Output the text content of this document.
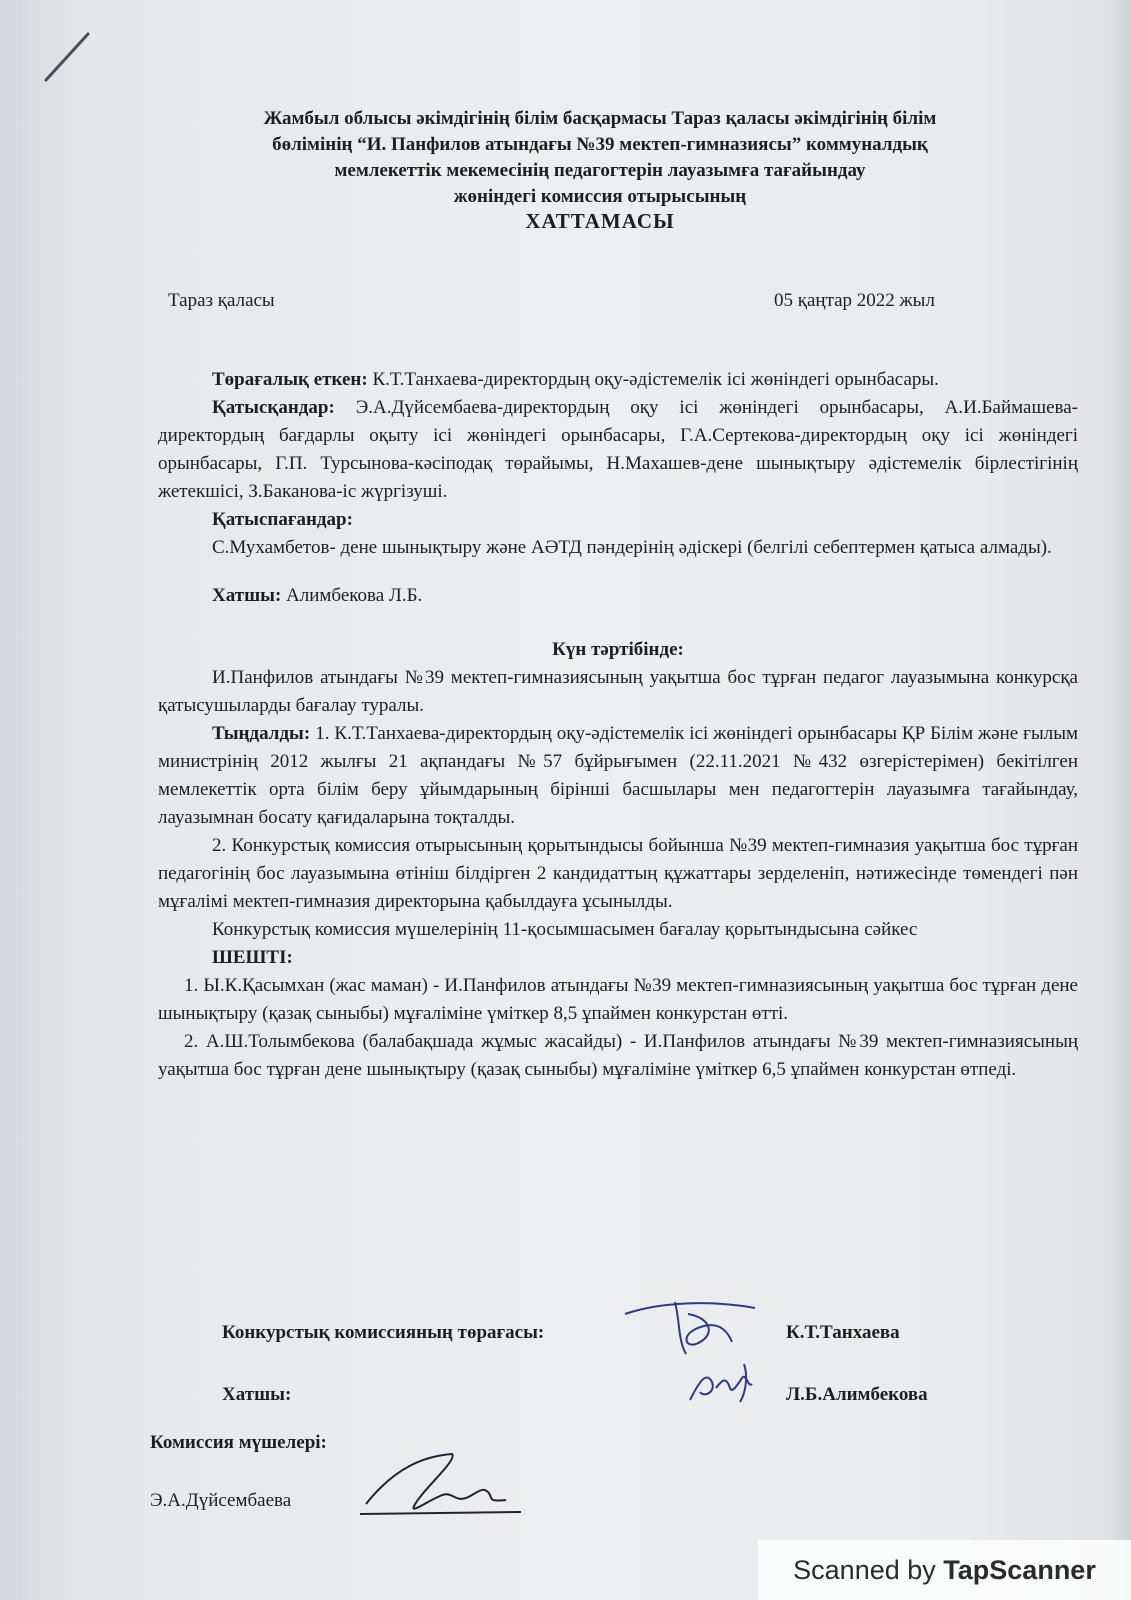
Жамбыл облысы әкімдігінің білім басқармасы Тараз қаласы әкімдігінің білім
бөлімінің “И. Панфилов атындағы №39 мектеп-гимназиясы” коммуналдық
мемлекеттік мекемесінің педагогтерін лауазымға тағайындау
жөніндегі комиссия отырысының
ХАТТАМАСЫ
Тараз қаласы	05 қаңтар 2022 жыл

Төрағалық еткен: К.Т.Танхаева-директордың оқу-әдістемелік ісі жөніндегі орынбасары.

Қатысқандар: Э.А.Дүйсембаева-директордың оқу ісі жөніндегі орынбасары, А.И.Баймашева-директордың бағдарлы оқыту ісі жөніндегі орынбасары, Г.А.Сертекова-директордың оқу ісі жөніндегі орынбасары, Г.П. Турсынова-кәсіподақ төрайымы, Н.Махашев-дене шынықтыру әдістемелік бірлестігінің жетекшісі, З.Баканова-іс жүргізуші.

Қатыспағандар:

С.Мухамбетов- дене шынықтыру және АӘТД пәндерінің әдіскері (белгілі себептермен қатыса алмады).

Хатшы: Алимбекова Л.Б.

Күн тәртібінде:

И.Панфилов атындағы №39 мектеп-гимназиясының уақытша бос тұрған педагог лауазымына конкурсқа қатысушыларды бағалау туралы.

Тыңдалды: 1. К.Т.Танхаева-директордың оқу-әдістемелік ісі жөніндегі орынбасары ҚР Білім және ғылым министрінің 2012 жылғы 21 ақпандағы №57 бұйрығымен (22.11.2021 №432 өзгерістерімен) бекітілген мемлекеттік орта білім беру ұйымдарының бірінші басшылары мен педагогтерін лауазымға тағайындау, лауазымнан босату қағидаларына тоқталды.

2. Конкурстық комиссия отырысының қорытындысы бойынша №39 мектеп-гимназия уақытша бос тұрған педагогінің бос лауазымына өтініш білдірген 2 кандидаттың құжаттары зерделеніп, нәтижесінде төмендегі пән мұғалімі мектеп-гимназия директорына қабылдауға ұсынылды.

Конкурстық комиссия мүшелерінің 11-қосымшасымен бағалау қорытындысына сәйкес

ШЕШТІ:

1. Ы.К.Қасымхан (жас маман) - И.Панфилов атындағы №39 мектеп-гимназиясының уақытша бос тұрған дене шынықтыру (қазақ сыныбы) мұғаліміне үміткер 8,5 ұпаймен конкурстан өтті.

2. А.Ш.Толымбекова (балабақшада жұмыс жасайды) - И.Панфилов атындағы №39 мектеп-гимназиясының уақытша бос тұрған дене шынықтыру (қазақ сыныбы) мұғаліміне үміткер 6,5 ұпаймен конкурстан өтпеді.

Конкурстық комиссияның төрағасы:	К.Т.Танхаева
Хатшы:	Л.Б.Алимбекова
Комиссия мүшелері:
Э.А.Дүйсембаева
Scanned by TapScanner
